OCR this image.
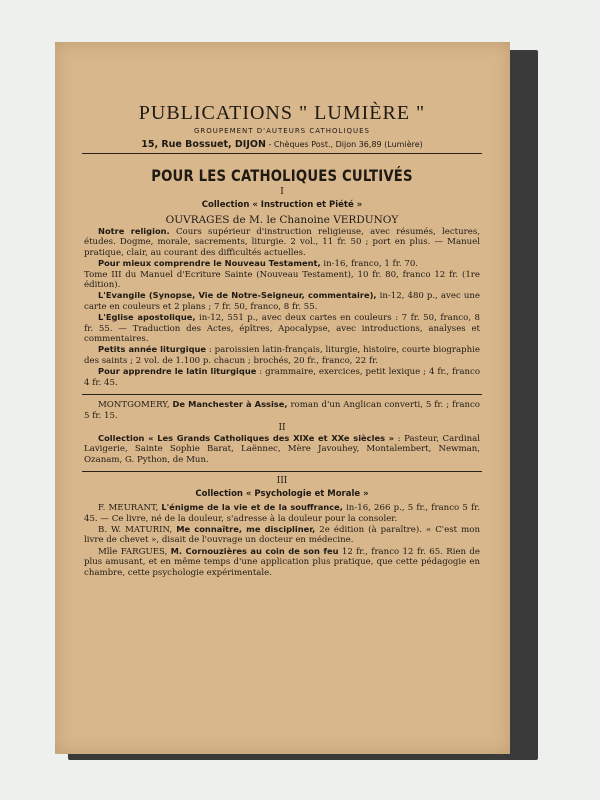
PUBLICATIONS " LUMIÈRE "
GROUPEMENT D'AUTEURS CATHOLIQUES
15, Rue Bossuet, DIJON - Chèques Post., Dijon 36,89 (Lumière)
POUR LES CATHOLIQUES CULTIVÉS
I
Collection « Instruction et Piété »
OUVRAGES de M. le Chanoine VERDUNOY
Notre religion. Cours supérieur d'instruction religieuse, avec résumés, lectures, études. Dogme, morale, sacrements, liturgie. 2 vol., 11 fr. 50 ; port en plus. — Manuel pratique, clair, au courant des difficultés actuelles.
Pour mieux comprendre le Nouveau Testament, in-16, franco, 1 fr. 70.
Tome III du Manuel d'Ecriture Sainte (Nouveau Testament), 10 fr. 80, franco 12 fr. (1re édition).
L'Evangile (Synopse, Vie de Notre-Seigneur, commentaire), in-12, 480 p., avec une carte en couleurs et 2 plans ; 7 fr. 50, franco, 8 fr. 55.
L'Eglise apostolique, in-12, 551 p., avec deux cartes en couleurs : 7 fr. 50, franco, 8 fr. 55. — Traduction des Actes, épîtres, Apocalypse, avec introductions, analyses et commentaires.
Petits année liturgique : paroissien latin-français, liturgie, histoire, courte biographie des saints ; 2 vol. de 1.100 p. chacun ; brochés, 20 fr., franco, 22 fr.
Pour apprendre le latin liturgique : grammaire, exercices, petit lexique ; 4 fr., franco 4 fr. 45.
MONTGOMERY, De Manchester à Assise, roman d'un Anglican converti, 5 fr. ; franco 5 fr. 15.
II
Collection « Les Grands Catholiques des XIXe et XXe siècles » : Pasteur, Cardinal Lavigerie, Sainte Sophie Barat, Laënnec, Mère Javouhey, Montalembert, Newman, Ozanam, G. Python, de Mun.
III
Collection « Psychologie et Morale »
F. MEURANT, L'énigme de la vie et de la souffrance, in-16, 266 p., 5 fr., franco 5 fr. 45. — Ce livre, né de la douleur, s'adresse à la douleur pour la consoler.
B. W. MATURIN, Me connaître, me discipliner, 2e édition (à paraître). « C'est mon livre de chevet », disait de l'ouvrage un docteur en médecine.
Mlle FARGUES, M. Cornouzières au coin de son feu 12 fr., franco 12 fr. 65. Rien de plus amusant, et en même temps d'une application plus pratique, que cette pédagogie en chambre, cette psychologie expérimentale.
